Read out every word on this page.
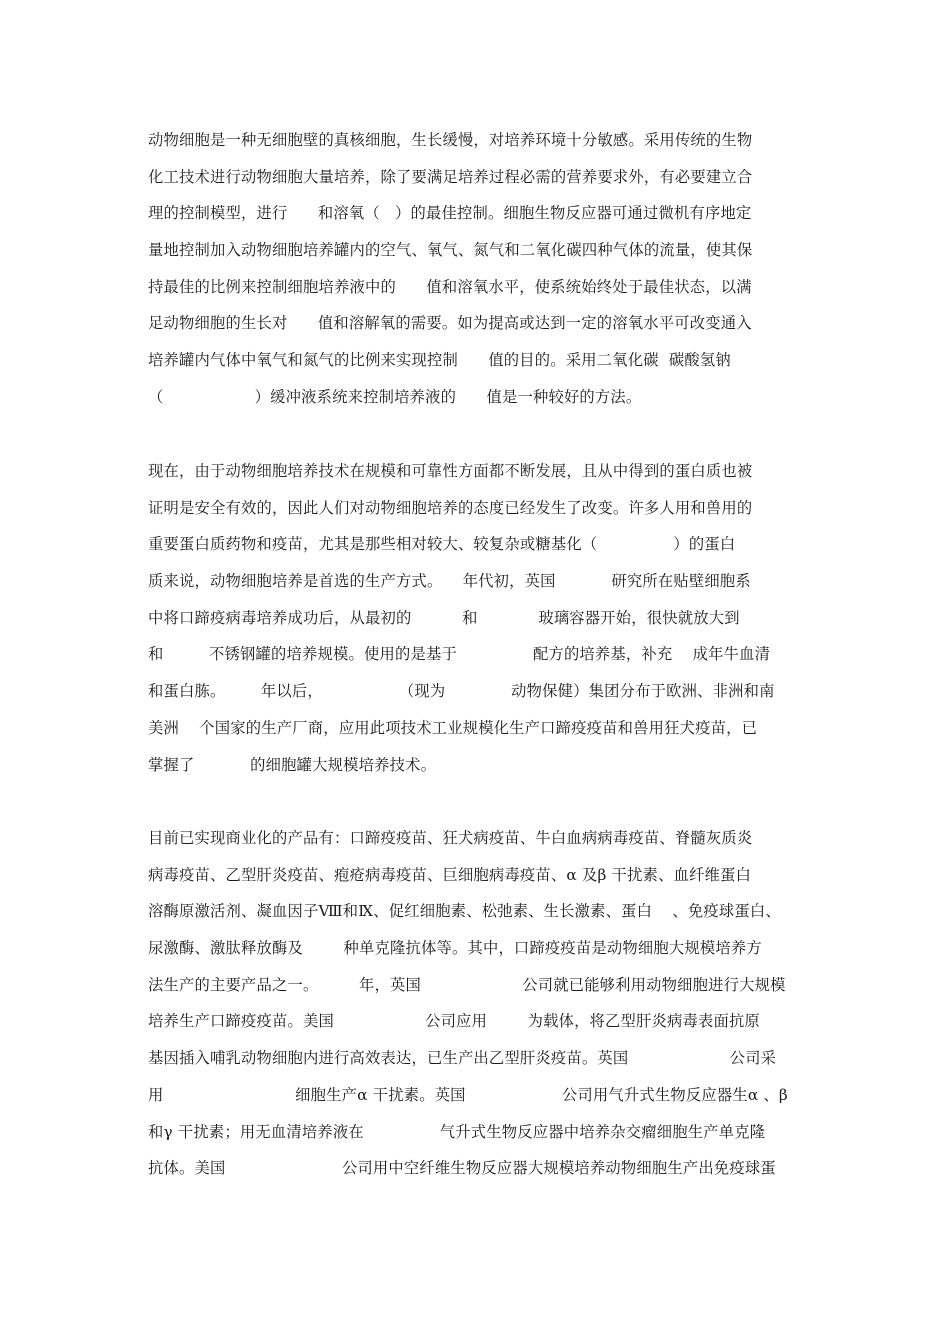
动物细胞是一种无细胞壁的真核细胞，生长缓慢，对培养环境十分敏感。采用传统的生物
化工技术进行动物细胞大量培养，除了要满足培养过程必需的营养要求外，有必要建立合
理的控制模型，进行      和溶氧（   ）的最佳控制。细胞生物反应器可通过微机有序地定
量地控制加入动物细胞培养罐内的空气、氧气、氮气和二氧化碳四种气体的流量，使其保
持最佳的比例来控制细胞培养液中的      值和溶氧水平，使系统始终处于最佳状态，以满
足动物细胞的生长对      值和溶解氧的需要。如为提高或达到一定的溶氧水平可改变通入
培养罐内气体中氧气和氮气的比例来实现控制      值的目的。采用二氧化碳  碳酸氢钠
（                  ）缓冲液系统来控制培养液的      值是一种较好的方法。
现在，由于动物细胞培养技术在规模和可靠性方面都不断发展，且从中得到的蛋白质也被
证明是安全有效的，因此人们对动物细胞培养的态度已经发生了改变。许多人用和兽用的
重要蛋白质药物和疫苗，尤其是那些相对较大、较复杂或糖基化（               ）的蛋白
质来说，动物细胞培养是首选的生产方式。    年代初，英国           研究所在贴壁细胞系
中将口蹄疫病毒培养成功后，从最初的          和            玻璃容器开始，很快就放大到
和         不锈钢罐的培养规模。使用的是基于               配方的培养基，补充    成年牛血清
和蛋白胨。       年以后，               （现为             动物保健）集团分布于欧洲、非洲和南
美洲    个国家的生产厂商，应用此项技术工业规模化生产口蹄疫疫苗和兽用狂犬疫苗，已
掌握了           的细胞罐大规模培养技术。
目前已实现商业化的产品有：口蹄疫疫苗、狂犬病疫苗、牛白血病病毒疫苗、脊髓灰质炎
病毒疫苗、乙型肝炎疫苗、疱疮病毒疫苗、巨细胞病毒疫苗、α 及β 干扰素、血纤维蛋白
溶酶原激活剂、凝血因子Ⅷ和Ⅸ、促红细胞素、松弛素、生长激素、蛋白    、免疫球蛋白、
尿激酶、激肽释放酶及        种单克隆抗体等。其中，口蹄疫疫苗是动物细胞大规模培养方
法生产的主要产品之一。        年，英国                    公司就已能够利用动物细胞进行大规模
培养生产口蹄疫疫苗。美国                  公司应用        为载体，将乙型肝炎病毒表面抗原
基因插入哺乳动物细胞内进行高效表达，已生产出乙型肝炎疫苗。英国                    公司采
用                          细胞生产α 干扰素。英国                   公司用气升式生物反应器生α 、β
和γ 干扰素；用无血清培养液在               气升式生物反应器中培养杂交瘤细胞生产单克隆
抗体。美国                       公司用中空纤维生物反应器大规模培养动物细胞生产出免疫球蛋
